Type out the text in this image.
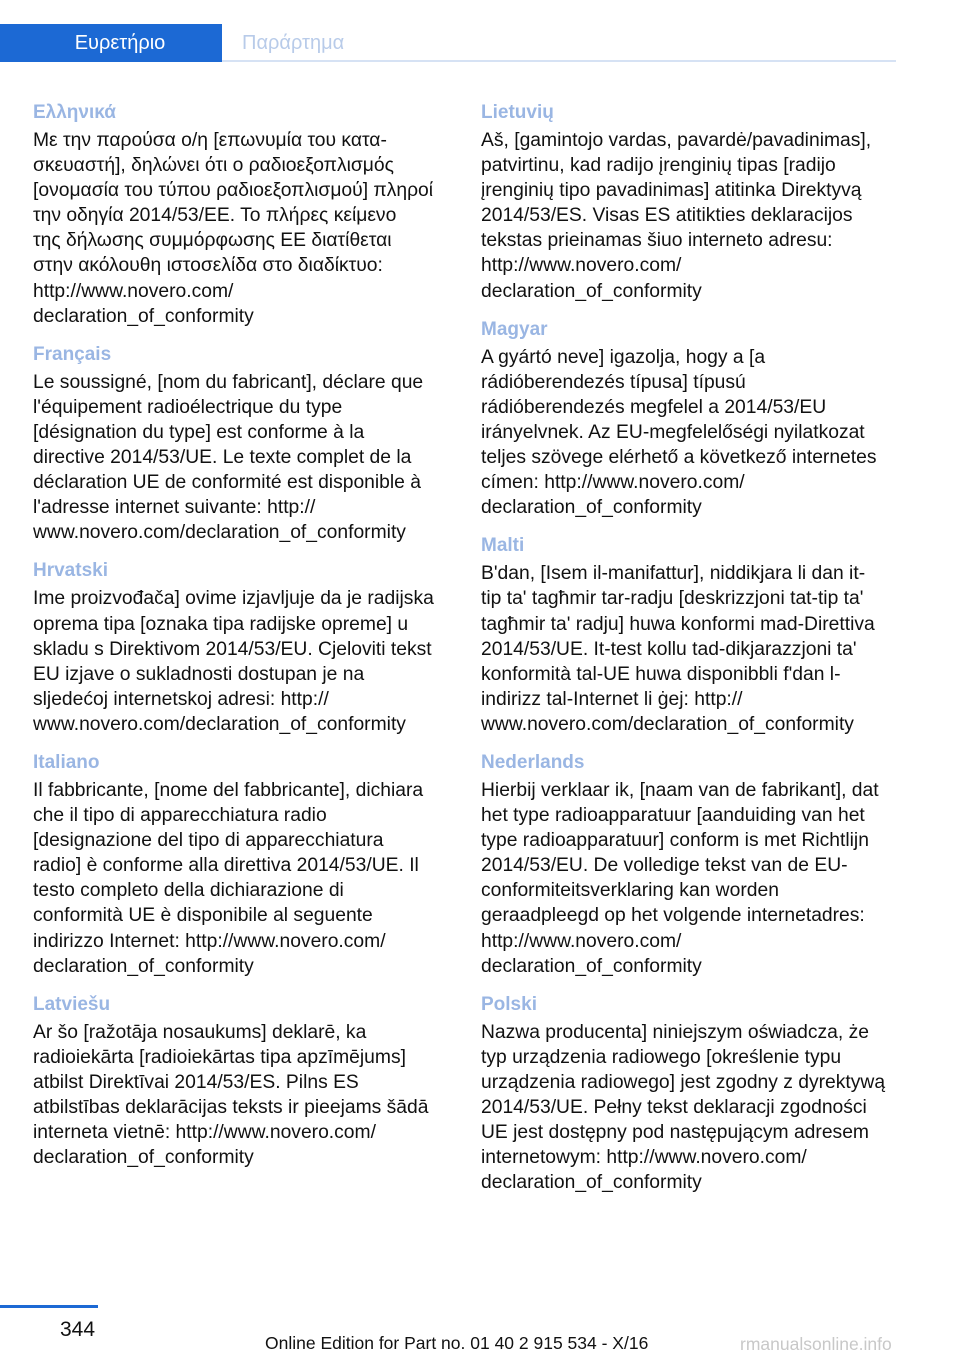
Ευρετήριο	Παράρτημα
Ελληνικά

Με την παρούσα ο/η [επωνυμία του κατα‐
σκευαστή], δηλώνει ότι ο ραδιοεξοπλισμός
[ονομασία του τύπου ραδιοεξοπλισμού] πληροί
την οδηγία 2014/53/ΕΕ. Το πλήρες κείμενο
της δήλωσης συμμόρφωσης ΕΕ διατίθεται
στην ακόλουθη ιστοσελίδα στο διαδίκτυο:
http://www.novero.com/
declaration_of_conformity

Français

Le soussigné, [nom du fabricant], déclare que
l'équipement radioélectrique du type
[désignation du type] est conforme à la
directive 2014/53/UE. Le texte complet de la
déclaration UE de conformité est disponible à
l'adresse internet suivante: http://
www.novero.com/declaration_of_conformity

Hrvatski

Ime proizvođača] ovime izjavljuje da je radijska
oprema tipa [oznaka tipa radijske opreme] u
skladu s Direktivom 2014/53/EU. Cjeloviti tekst
EU izjave o sukladnosti dostupan je na
sljedećoj internetskoj adresi: http://
www.novero.com/declaration_of_conformity

Italiano

Il fabbricante, [nome del fabbricante], dichiara
che il tipo di apparecchiatura radio
[designazione del tipo di apparecchiatura
radio] è conforme alla direttiva 2014/53/UE. Il
testo completo della dichiarazione di
conformità UE è disponibile al seguente
indirizzo Internet: http://www.novero.com/
declaration_of_conformity

Latviešu

Ar šo [ražotāja nosaukums] deklarē, ka
radioiekārta [radioiekārtas tipa apzīmējums]
atbilst Direktīvai 2014/53/ES. Pilns ES
atbilstības deklarācijas teksts ir pieejams šādā
interneta vietnē: http://www.novero.com/
declaration_of_conformity

Lietuvių

Aš, [gamintojo vardas, pavardė/pavadinimas],
patvirtinu, kad radijo įrenginių tipas [radijo
įrenginių tipo pavadinimas] atitinka Direktyvą
2014/53/ES. Visas ES atitikties deklaracijos
tekstas prieinamas šiuo interneto adresu:
http://www.novero.com/
declaration_of_conformity

Magyar

A gyártó neve] igazolja, hogy a [a
rádióberendezés típusa] típusú
rádióberendezés megfelel a 2014/53/EU
irányelvnek. Az EU-megfelelőségi nyilatkozat
teljes szövege elérhető a következő internetes
címen: http://www.novero.com/
declaration_of_conformity

Malti

B'dan, [Isem il-manifattur], niddikjara li dan it-
tip ta' tagħmir tar-radju [deskrizzjoni tat-tip ta'
tagħmir ta' radju] huwa konformi mad-Direttiva
2014/53/UE. It-test kollu tad-dikjarazzjoni ta'
konformità tal-UE huwa disponibbli f'dan l-
indirizz tal-Internet li ġej: http://
www.novero.com/declaration_of_conformity

Nederlands

Hierbij verklaar ik, [naam van de fabrikant], dat
het type radioapparatuur [aanduiding van het
type radioapparatuur] conform is met Richtlijn
2014/53/EU. De volledige tekst van de EU-
conformiteitsverklaring kan worden
geraadpleegd op het volgende internetadres:
http://www.novero.com/
declaration_of_conformity

Polski

Nazwa producenta] niniejszym oświadcza, że
typ urządzenia radiowego [określenie typu
urządzenia radiowego] jest zgodny z dyrektywą
2014/53/UE. Pełny tekst deklaracji zgodności
UE jest dostępny pod następującym adresem
internetowym: http://www.novero.com/
declaration_of_conformity

344
Online Edition for Part no. 01 40 2 915 534 - X/16	rmanualsonline.info
